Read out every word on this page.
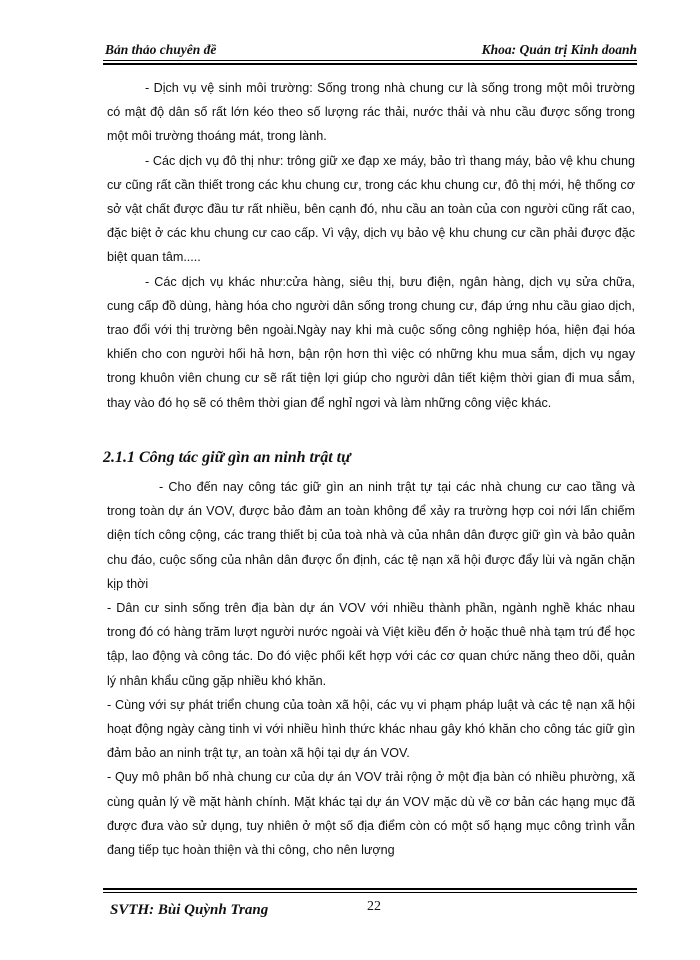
Bản thảo chuyên đề	Khoa: Quản trị Kinh doanh

- Dịch vụ vệ sinh môi trường: Sống trong nhà chung cư là sống trong một môi trường có mật độ dân số rất lớn kéo theo số lượng rác thải, nước thải và nhu cầu được sống trong một môi trường thoáng mát, trong lành.

- Các dịch vụ đô thị như: trông giữ xe đạp xe máy, bảo trì thang máy, bảo vệ khu chung cư cũng rất cần thiết trong các khu chung cư, trong các khu chung cư, đô thị mới, hệ thống cơ sở vật chất được đầu tư rất nhiều, bên cạnh đó, nhu cầu an toàn của con người cũng rất cao, đặc biệt ở các khu chung cư cao cấp. Vì vậy, dịch vụ bảo vệ khu chung cư cần phải được đặc biệt quan tâm.....

- Các dịch vụ khác như:cửa hàng, siêu thị, bưu điện, ngân hàng, dịch vụ sửa chữa, cung cấp đồ dùng, hàng hóa cho người dân sống trong chung cư, đáp ứng nhu cầu giao dịch, trao đổi với thị trường bên ngoài.Ngày nay khi mà cuộc sống công nghiệp hóa, hiện đại hóa khiến cho con người hối hả hơn, bận rộn hơn thì việc có những khu mua sắm, dịch vụ ngay trong khuôn viên chung cư sẽ rất tiện lợi giúp cho người dân tiết kiệm thời gian đi mua sắm, thay vào đó họ sẽ có thêm thời gian để nghỉ ngơi và làm những công việc khác.

2.1.1 Công tác giữ gìn an ninh trật tự

- Cho đến nay công tác giữ gìn an ninh trật tự tại các nhà chung cư cao tầng và trong toàn dự án VOV, được bảo đảm an toàn không để xảy ra trường hợp coi nới lấn chiếm diện tích công cộng, các trang thiết bị của toà nhà và của nhân dân được giữ gìn và bảo quản chu đáo, cuộc sống của nhân dân được ổn định, các tệ nạn xã hội được đẩy lùi và ngăn chặn kịp thời

- Dân cư sinh sống trên địa bàn dự án VOV với nhiều thành phần, ngành nghề khác nhau trong đó có hàng trăm lượt người nước ngoài và Việt kiều đến ở hoặc thuê nhà tạm trú để học tập, lao động và công tác. Do đó việc phối kết hợp với các cơ quan chức năng theo dõi, quản lý nhân khẩu cũng gặp nhiều khó khăn.

- Cùng với sự phát triển chung của toàn xã hội, các vụ vi phạm pháp luật và các tệ nạn xã hội hoạt động ngày càng tinh vi với nhiều hình thức khác nhau gây khó khăn cho công tác giữ gìn đảm bảo an ninh trật tự, an toàn xã hội tại dự án VOV.

- Quy mô phân bố nhà chung cư của dự án VOV trải rộng ở một địa bàn có nhiều phường, xã cùng quản lý về mặt hành chính. Mặt khác tại dự án VOV mặc dù về cơ bản các hạng mục đã được đưa vào sử dụng, tuy nhiên ở một số địa điểm còn có một số hạng mục công trình vẫn đang tiếp tục hoàn thiện và thi công, cho nên lượng

SVTH: Bùi Quỳnh Trang	22
